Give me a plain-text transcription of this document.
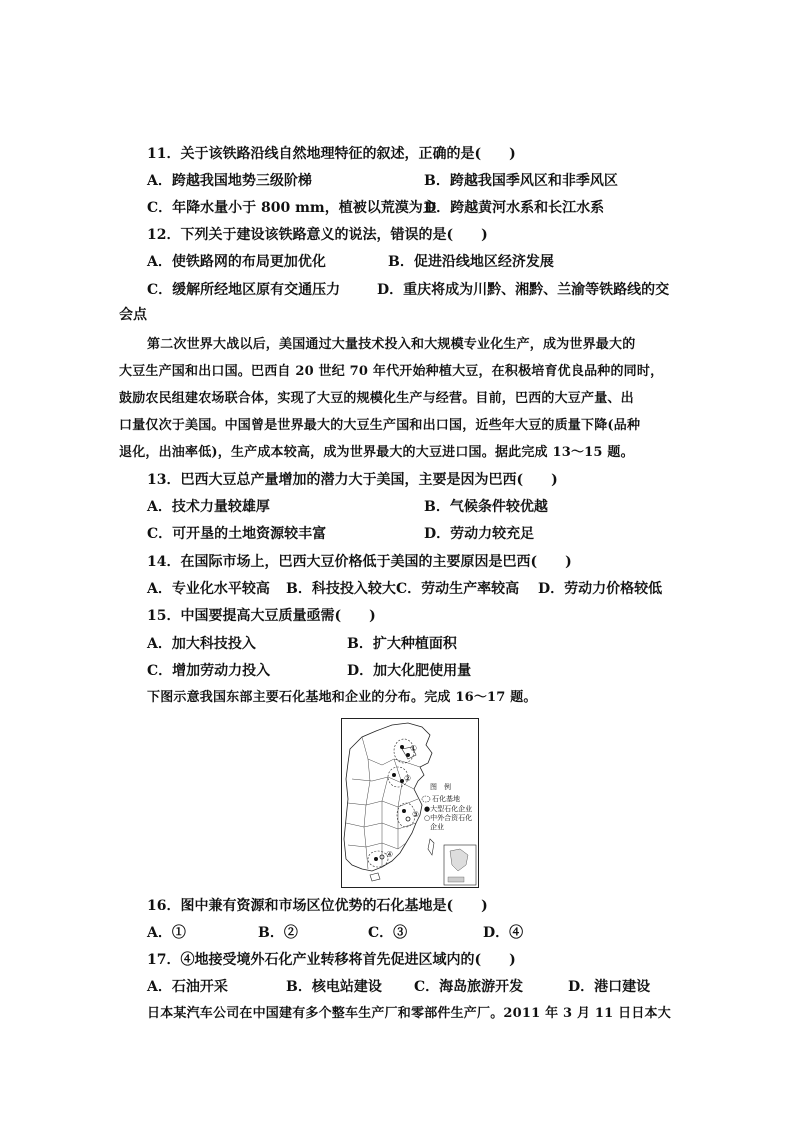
11．关于该铁路沿线自然地理特征的叙述，正确的是(　　)
A．跨越我国地势三级阶梯	B．跨越我国季风区和非季风区
C．年降水量小于 800 mm，植被以荒漠为主
D．跨越黄河水系和长江水系
12．下列关于建设该铁路意义的说法，错误的是(　　)
A．使铁路网的布局更加优化	B．促进沿线地区经济发展
C．缓解所经地区原有交通压力	D．重庆将成为川黔、湘黔、兰渝等铁路线的交
会点
第二次世界大战以后，美国通过大量技术投入和大规模专业化生产，成为世界最大的
大豆生产国和出口国。巴西自 20 世纪 70 年代开始种植大豆，在积极培育优良品种的同时，
鼓励农民组建农场联合体，实现了大豆的规模化生产与经营。目前，巴西的大豆产量、出
口量仅次于美国。中国曾是世界最大的大豆生产国和出口国，近些年大豆的质量下降(品种
退化，出油率低)，生产成本较高，成为世界最大的大豆进口国。据此完成 13～15 题。
13．巴西大豆总产量增加的潜力大于美国，主要是因为巴西(　　)
A．技术力量较雄厚	B．气候条件较优越
C．可开垦的土地资源较丰富	D．劳动力较充足
14．在国际市场上，巴西大豆价格低于美国的主要原因是巴西(　　)
A．专业化水平较高 B．科技投入较大 C．劳动生产率较高 D．劳动力价格较低
15．中国要提高大豆质量亟需(　　)
A．加大科技投入	B．扩大种植面积
C．增加劳动力投入	D．加大化肥使用量
下图示意我国东部主要石化基地和企业的分布。完成 16～17 题。
①
②
③
④
图　例
石化基地
●大型石化企业
○中外合资石化
企业
16．图中兼有资源和市场区位优势的石化基地是(　　)
A．①	B．②	C．③	D．④
17．④地接受境外石化产业转移将首先促进区域内的(　　)
A．石油开采	B．核电站建设 C．海岛旅游开发	D．港口建设
日本某汽车公司在中国建有多个整车生产厂和零部件生产厂。2011 年 3 月 11 日日本大
